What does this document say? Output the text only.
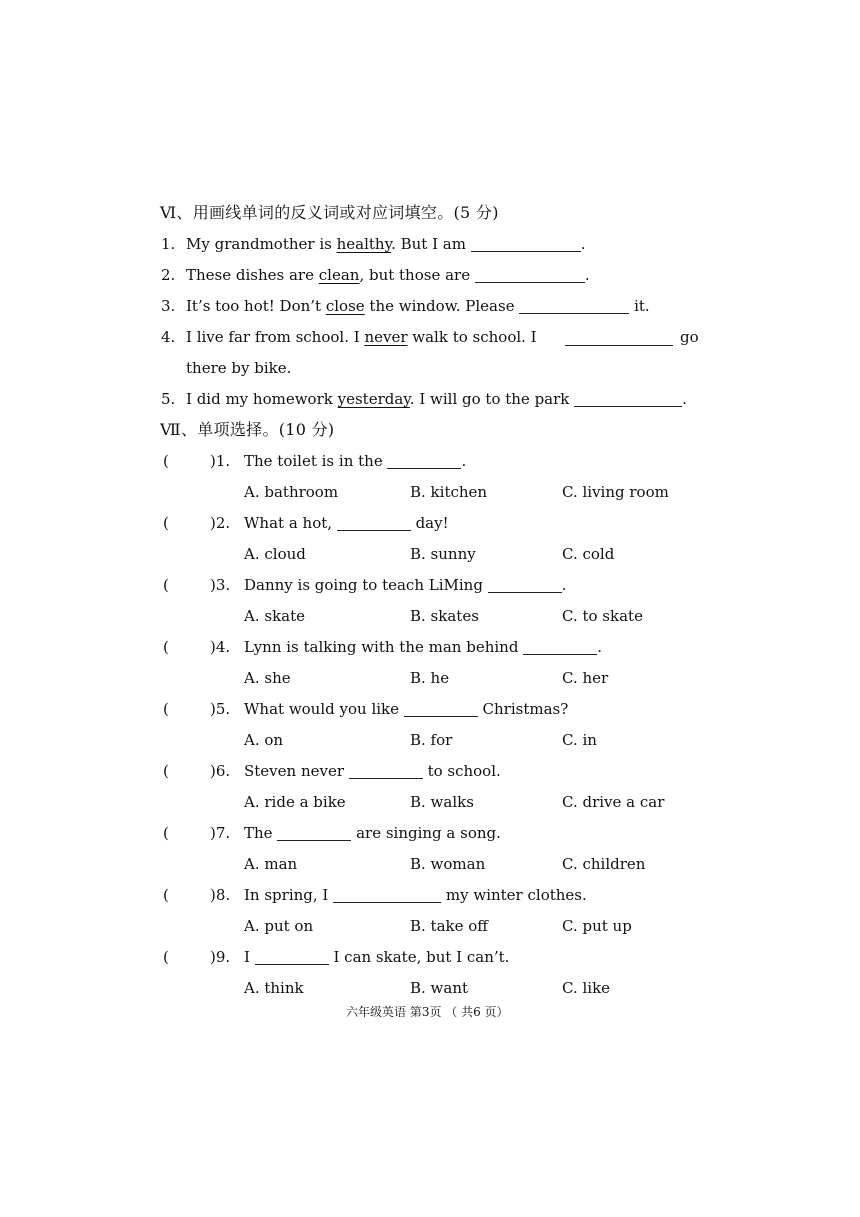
Ⅵ、用画线单词的反义词或对应词填空。(5 分)
1. My grandmother is healthy. But I am	.
2. These dishes are clean, but those are	.
3. It’s too hot! Don’t close the window. Please	it.
4. I live far from school. I never walk to school. I	go
there by bike.
5. I did my homework yesterday. I will go to the park	.
Ⅶ、单项选择。(10 分)
(	)1. The toilet is in the	.
A. bathroom	B. kitchen	C. living room
(	)2. What a hot,	day!
A. cloud	B. sunny	C. cold
(	)3. Danny is going to teach LiMing	.
A. skate	B. skates	C. to skate
(	)4. Lynn is talking with the man behind	.
A. she	B. he	C. her
(	)5. What would you like	Christmas?
A. on	B. for	C. in
(	)6. Steven never	to school.
A. ride a bike	B. walks	C. drive a car
(	)7. The	are singing a song.
A. man	B. woman	C. children
(	)8. In spring, I	my winter clothes.
A. put on	B. take off	C. put up
(	)9. I	I can skate, but I can’t.
A. think	B. want	C. like
六年级英语 第3页 （ 共6 页）
